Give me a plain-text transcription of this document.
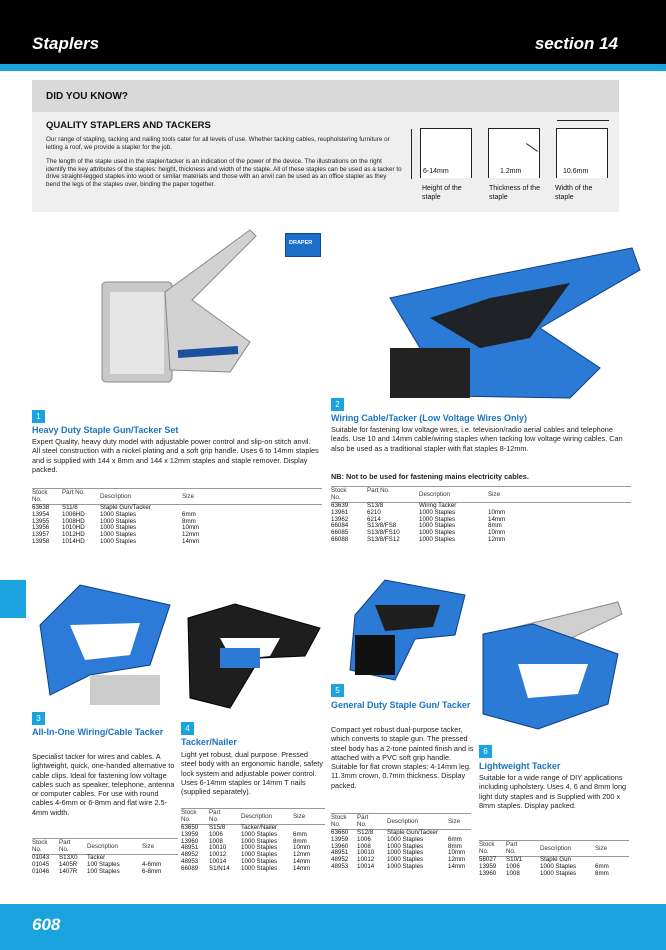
Staplers	section 14
DID YOU KNOW?
QUALITY STAPLERS AND TACKERS
Our range of stapling, tacking and nailing tools cater for all levels of use. Whether tacking cables, reupholstering furniture or letting a roof, we provide a stapler for the job.
The length of the staple used in the stapler/tacker is an indication of the power of the device. The illustrations on the right identify the key attributes of the staples: height, thickness and width of the staple. All of these staples can be used as a tacker to drive straight-legged staples into wood or similar materials and those with an anvil can be used as an office stapler as they bend the legs of the staples over, binding the paper together.
6-14mm
Height of the staple
1.2mm
Thickness of the staple
10.6mm
Width of the staple
DRAPER
1
Heavy Duty Staple Gun/Tacker Set
Expert Quality, heavy duty model with adjustable power control and slip-on stitch anvil. All steel construction with a nickel plating and a soft grip handle. Uses 6 to 14mm staples and is supplied with 144 x 8mm and 144 x 12mm staples and staple remover. Display packed.
Stock No.
Part No.
Description	Size
63638 S11/8	Staple Gun/Tacker
13954 1006HD 1000 Staples	6mm
13955 1008HD 1000 Staples	8mm
13956 1010HD 1000 Staples	10mm
13957 1012HD 1000 Staples	12mm
13958 1014HD 1000 Staples	14mm
2
Wiring Cable/Tacker (Low Voltage Wires Only)
Suitable for fastening low voltage wires, i.e. television/radio aerial cables and telephone leads. Use 10 and 14mm cable/wiring staples when tacking low voltage wiring cables. Can also be used as a traditional stapler with flat staples 8-12mm.
NB: Not to be used for fastening mains electricity cables.
Stock No.
Part No.
Description	Size
63639	S13/8	Wiring Tacker
13961	6210	1000 Staples	10mm
13962	6214	1000 Staples	14mm
66084	S13/8/FS8	1000 Staples	8mm
66085	S13/8/FS10	1000 Staples	10mm
66088	S13/8/FS12	1000 Staples	12mm
3
All-In-One Wiring/Cable Tacker
Specialist tacker for wires and cables. A lightweight, quick, one-handed alternative to cable clips. Ideal for fastening low voltage cables such as speaker, telephone, antenna or computer cables. For use with round cables 4-6mm or 6-8mm and flat wire 2.5-4mm width.
Stock No.
Part No.	Description	Size
01043 S13X0 Tacker
01045 1405R 100 Staples	4-6mm
01046 1407R 100 Staples	6-8mm
4
Tacker/Nailer
Light yet robust, dual purpose. Pressed steel body with an ergonomic handle, safety lock system and adjustable power control. Uses 6-14mm staples or 14mm T nails (supplied separately).
Stock No.
Part No.	Description	Size
63650 S15/8	Tacker/Nailer
13959 1006	1000 Staples	6mm
13960 1008	1000 Staples	8mm
48951 10010 1000 Staples	10mm
48952 10012 1000 Staples	12mm
48953 10014 1000 Staples	14mm
66089 S1/N14 1000 Staples	14mm
5
General Duty Staple Gun/ Tacker
Compact yet robust dual-purpose tacker, which converts to staple gun. The pressed steel body has a 2-tone painted finish and is attached with a PVC soft grip handle. Suitable for flat crown staples: 4-14mm leg. 11.3mm crown, 0.7mm thickness. Display packed.
Stock No.
Part No.	Description	Size
63660 S12/8 Staple Gun/Tacker
13959 1006	1000 Staples	6mm
13960 1008	1000 Staples	8mm
48951 10010 1000 Staples	10mm
48952 10012 1000 Staples	12mm
48953 10014 1000 Staples	14mm
6
Lightweight Tacker
Suitable for a wide range of DIY applications including upholstery. Uses 4, 6 and 8mm long light duty staples and is Supplied with 200 x 8mm staples. Display packed.
Stock No.
Part No.	Description	Size
56027 S10/1	Staple Gun
13959 1006	1000 Staples	6mm
13960 1008	1000 Staples	8mm
608
